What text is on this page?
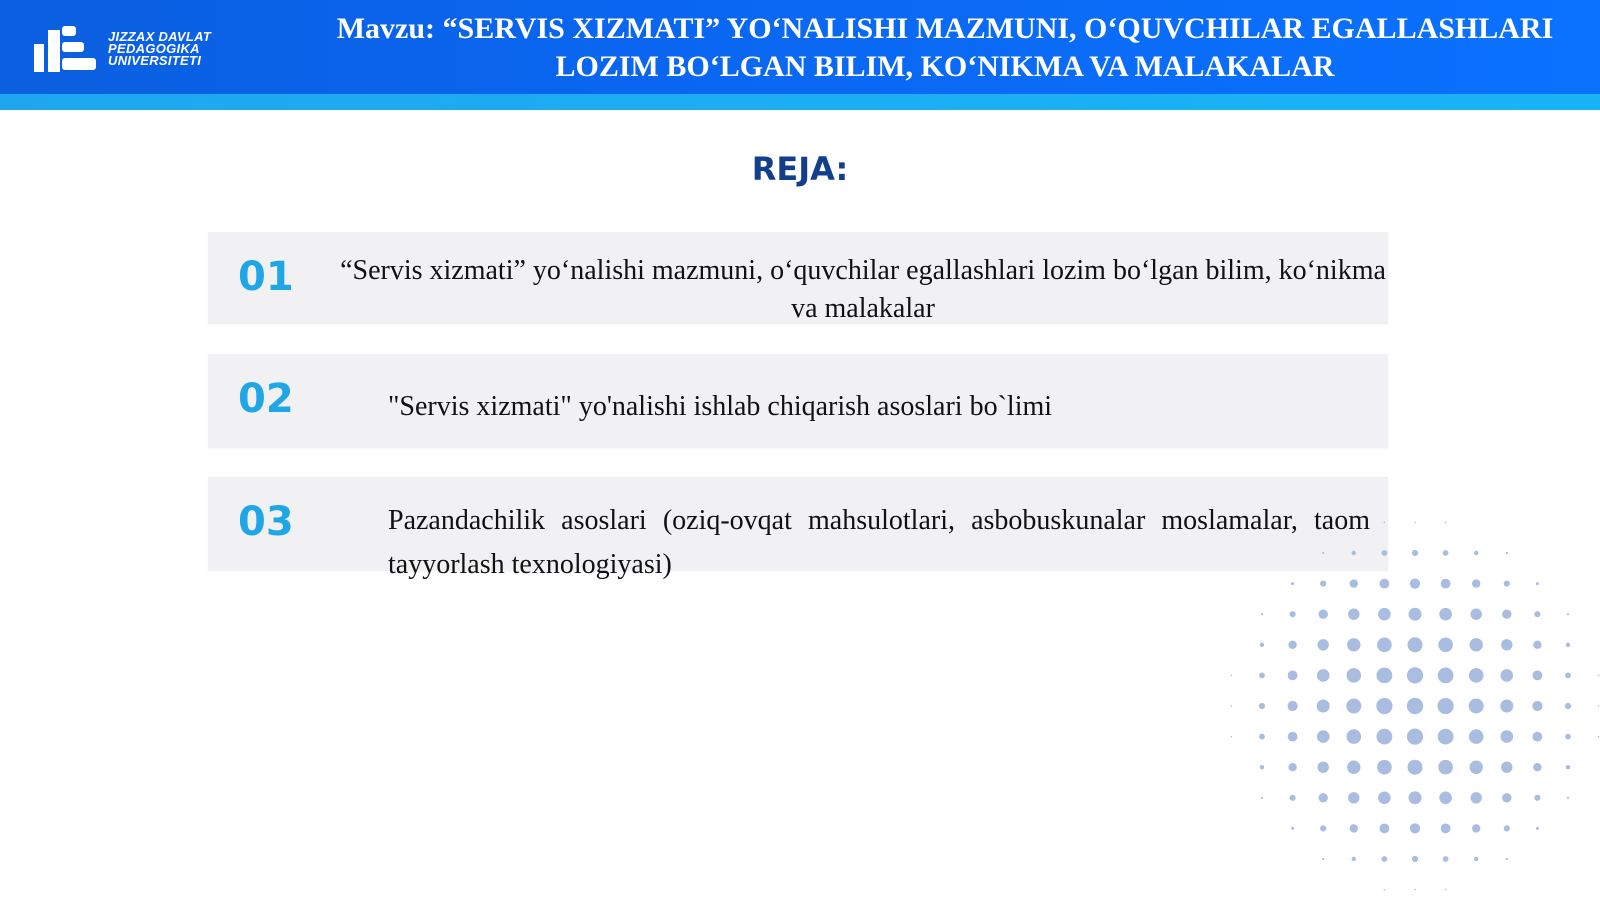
JIZZAX DAVLAT
PEDAGOGIKA
UNIVERSITETI
Mavzu: “SERVIS XIZMATI” YO‘NALISHI MAZMUNI, O‘QUVCHILAR EGALLASHLARI
LOZIM BO‘LGAN BILIM, KO‘NIKMA VA MALAKALAR
REJA:
01 “Servis xizmati” yo‘nalishi mazmuni, o‘quvchilar egallashlari lozim bo‘lgan bilim, ko‘nikma va malakalar
02	"Servis xizmati" yo'nalishi ishlab chiqarish asoslari bo`limi
03	Pazandachilik asoslari (oziq-ovqat mahsulotlari, asbobuskunalar moslamalar, taom tayyorlash texnologiyasi)
